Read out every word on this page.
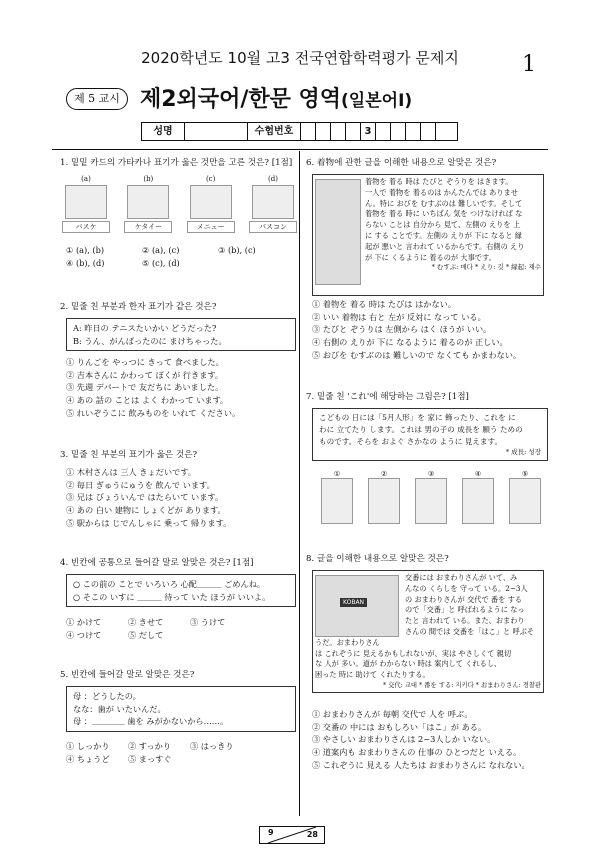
2020학년도 10월 고3 전국연합학력평가 문제지	1
제 5 교시 제2외국어/한문 영역(일본어Ⅰ)
성명	수험번호	3
1. 밑밑 카드의 가타카나 표기가 옳은 것만을 고른 것은? [1점]
(a)
バスケ
(b)
ケタイー
(c)
メニュー
(d)
パスコン
① (a), (b)	② (a), (c)	③ (b), (c)
④ (b), (d)	⑤ (c), (d)
2. 밑줄 친 부분과 한자 표기가 같은 것은?
A: 昨日の テニスたいかい どうだった?
B: うん、がんばったのに まけちゃった。
① りんごを やっつに きって 食べました。
② 吉本さんに かわって ぼくが 行きます。
③ 先週 デパートで 友だちに あいました。
④ あの 話の ことは よく わかって います。
⑤ れいぞうこに 飲みものを いれて ください。
3. 밑줄 친 부분의 표기가 옳은 것은?
① 木村さんは 三人 きょだいです。
② 毎日 ぎゅうにゅうを 飲んで います。
③ 兄は びょういんで はたらいて います。
④ あの 白い 建物に しょくどが あります。
⑤ 駅からは じでんしゃに 乗って 帰ります。
4. 빈칸에 공통으로 들어갈 말로 알맞은 것은? [1점]
○ この前の ことで いろいろ 心配＿＿＿ ごめんね。
○ そこの いすに ＿＿＿ 待って いた ほうが いいよ。
① かけて	② きせて	③ うけて
④ つけて	⑤ だして
5. 빈칸에 들어갈 말로 알맞은 것은?
母 ：どうしたの。
なな：歯が いたいんだ。
母 ：＿＿＿＿ 歯を みがかないから……。
① しっかり ② すっかり ③ はっきり
④ ちょうど ⑤ まっすぐ
6. 着物에 관한 글을 이해한 내용으로 알맞은 것은?
着物を 着る 時は たびと ぞうりを はきます。
一人で 着物を 着るのは かんたんでは ありませ
ん。特に おびを むすぶのは 難しいです。そして
着物を 着る 時に いちばん 気を つけなければ な
らない ことは 自分から 見て、左側の えりを 上
に する ことです。左側の えりが 下に なると 縁
起が 悪いと 言われて いるからです。右側の えり
が 下に くるように 着るのが 大事です。
* むすぶ: 매다 * えり: 깃 * 縁起: 재수
① 着物を 着る 時は たびは はかない。
② いい 着物は 右と 左が 反対に なって いる。
③ たびと ぞうりは 左側から はく ほうが いい。
④ 右側の えりが 下に なるように 着るのが 正しい。
⑤ おびを むすぶのは 難しいので なくても かまわない。
7. 밑줄 친 'これ'에 해당하는 그림은? [1점]
こどもの 日には「5月人形」を 家に 飾ったり、これを に
わに 立てたり します。これは 男の子の 成長を 願う ための
ものです。そらを およぐ さかなの ように 見えます。
* 成長: 성장
①	②	③	④	⑤
8. 글을 이해한 내용으로 알맞은 것은?
KOBAN
交番には おまわりさんが いて、み
んなの くらしを 守って いる。2~3人
の おまわりさんが 交代で 番を する
ので「交番」と 呼ばれるように なっ
たと 言われて いる。また、おまわり
さんの 間では 交番を「はこ」と 呼ぶそうだ。おまわりさん
は これぞうに 見えるかもしれないが、実は やさしくて 親切
な 人が 多い。道が わからない 時は 案内して くれるし、
困った 時に 助けて くれたりする。
* 交代: 교대 * 番を する: 지키다 * おまわりさん: 경찰관
① おまわりさんが 毎朝 交代で 人を 呼ぶ。
② 交番の 中には おもしろい「はこ」が ある。
③ やさしい おまわりさんは 2~3人しか いない。
④ 道案内も おまわりさんの 仕事の ひとつだと いえる。
⑤ これぞうに 見える 人たちは おまわりさんに なれない。
9	28
